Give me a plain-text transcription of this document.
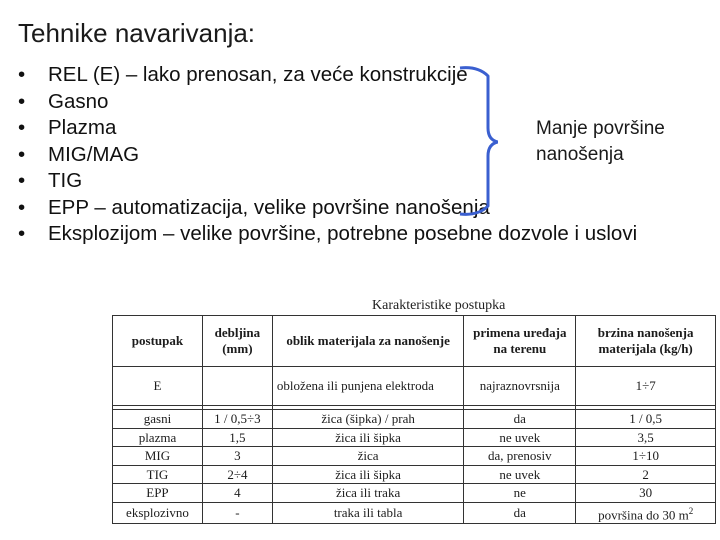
Tehnike navarivanja:
• REL (E) – lako prenosan, za veće konstrukcije
• Gasno
• Plazma
• MIG/MAG
• TIG
• EPP – automatizacija, velike površine nanošenja
• Eksplozijom – velike površine, potrebne posebne dozvole i uslovi
Manje površine
nanošenja
Karakteristike postupka
postupak	debljina (mm)	oblik materijala za nanošenje	primena uređaja na terenu	brzina nanošenja materijala (kg/h)
E		obložena ili punjena elektroda	najraznovrsnija	1÷7

gasni	1 / 0,5÷3	žica (šipka) / prah	da	1 / 0,5
plazma	1,5	žica ili šipka	ne uvek	3,5
MIG	3	žica	da, prenosiv	1÷10
TIG	2÷4	žica ili šipka	ne uvek	2
EPP	4	žica ili traka	ne	30
eksplozivno	-	traka ili tabla	da	površina do 30 $m^2$
